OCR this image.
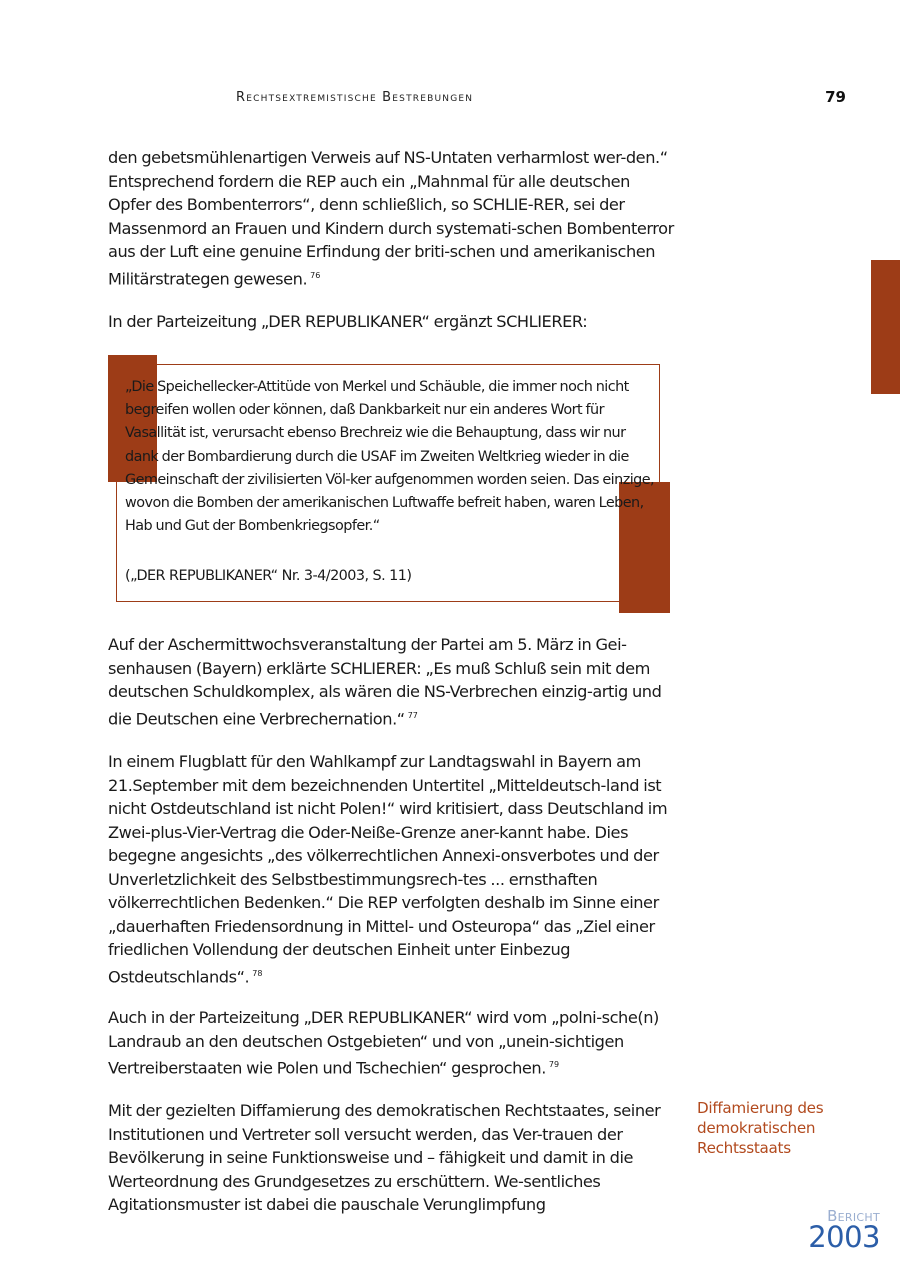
Rechtsextremistische Bestrebungen	79

den gebetsmühlenartigen Verweis auf NS-Untaten verharmlost wer-den.“ Entsprechend fordern die REP auch ein „Mahnmal für alle deutschen Opfer des Bombenterrors“, denn schließlich, so SCHLIE-RER, sei der Massenmord an Frauen und Kindern durch systemati-schen Bombenterror aus der Luft eine genuine Erfindung der briti-schen und amerikanischen Militärstrategen gewesen. $^{76}$

In der Parteizeitung „DER REPUBLIKANER“ ergänzt SCHLIERER:

„Die Speichellecker-Attitüde von Merkel und Schäuble, die immer noch nicht begreifen wollen oder können, daß Dankbarkeit nur ein anderes Wort für Vasallität ist, verursacht ebenso Brechreiz wie die Behauptung, dass wir nur dank der Bombardierung durch die USAF im Zweiten Weltkrieg wieder in die Gemeinschaft der zivilisierten Völ-ker aufgenommen worden seien. Das einzige, wovon die Bomben der amerikanischen Luftwaffe befreit haben, waren Leben, Hab und Gut der Bombenkriegsopfer.“

(„DER REPUBLIKANER“ Nr. 3-4/2003, S. 11)

Auf der Aschermittwochsveranstaltung der Partei am 5. März in Gei-senhausen (Bayern) erklärte SCHLIERER: „Es muß Schluß sein mit dem deutschen Schuldkomplex, als wären die NS-Verbrechen einzig-artig und die Deutschen eine Verbrechernation.“ $^{77}$

In einem Flugblatt für den Wahlkampf zur Landtagswahl in Bayern am 21.September mit dem bezeichnenden Untertitel „Mitteldeutsch-land ist nicht Ostdeutschland ist nicht Polen!“ wird kritisiert, dass Deutschland im Zwei-plus-Vier-Vertrag die Oder-Neiße-Grenze aner-kannt habe. Dies begegne angesichts „des völkerrechtlichen Annexi-onsverbotes und der Unverletzlichkeit des Selbstbestimmungsrech-tes ... ernsthaften völkerrechtlichen Bedenken.“ Die REP verfolgten deshalb im Sinne einer „dauerhaften Friedensordnung in Mittel- und Osteuropa“ das „Ziel einer friedlichen Vollendung der deutschen Einheit unter Einbezug Ostdeutschlands“. $^{78}$

Auch in der Parteizeitung „DER REPUBLIKANER“ wird vom „polni-sche(n) Landraub an den deutschen Ostgebieten“ und von „unein-sichtigen Vertreiberstaaten wie Polen und Tschechien“ gesprochen. $^{79}$

Mit der gezielten Diffamierung des demokratischen Rechtstaates, seiner Institutionen und Vertreter soll versucht werden, das Ver-trauen der Bevölkerung in seine Funktionsweise und – fähigkeit und damit in die Werteordnung des Grundgesetzes zu erschüttern. We-sentliches Agitationsmuster ist dabei die pauschale Verunglimpfung

Diffamierung des demokratischen Rechtsstaats

Bericht
2003
